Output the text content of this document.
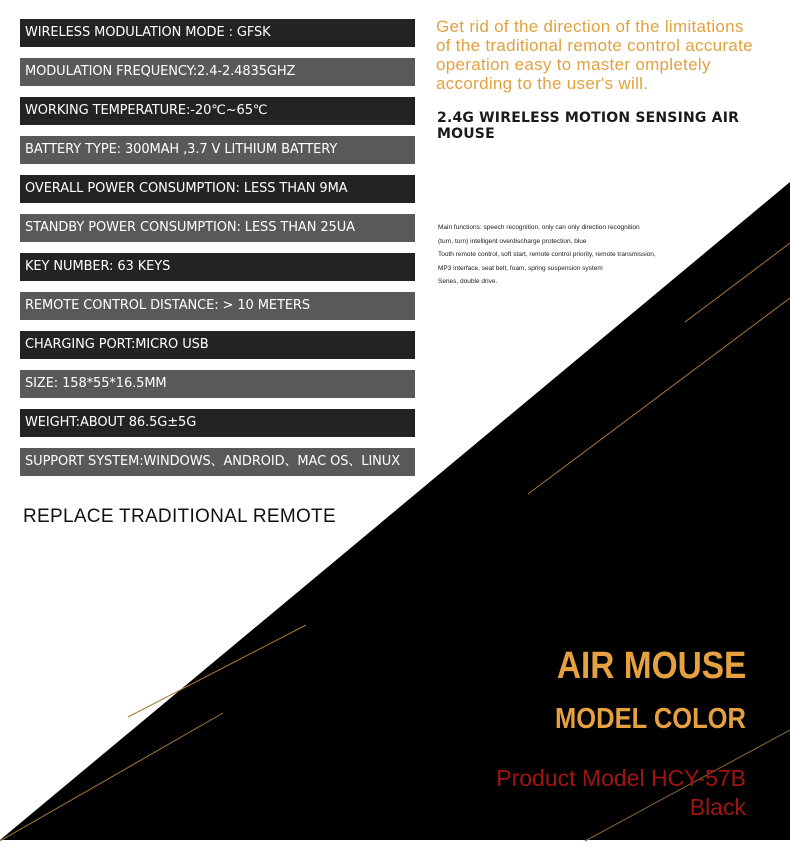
WIRELESS MODULATION MODE : GFSK
MODULATION FREQUENCY:2.4-2.4835GHZ
WORKING TEMPERATURE:-20℃~65℃
BATTERY TYPE: 300MAH ,3.7 V LITHIUM BATTERY
OVERALL POWER CONSUMPTION: LESS THAN 9MA
STANDBY POWER CONSUMPTION: LESS THAN 25UA
KEY NUMBER: 63 KEYS
REMOTE CONTROL DISTANCE: > 10 METERS
CHARGING PORT:MICRO USB
SIZE: 158*55*16.5MM
WEIGHT:ABOUT 86.5G±5G
SUPPORT SYSTEM:WINDOWS、ANDROID、MAC OS、LINUX
Get rid of the direction of the limitations
of the traditional remote control accurate
operation easy to master ompletely
according to the user's will.
2.4G WIRELESS MOTION SENSING AIR MOUSE
Main functions: speech recognition, only can only direction recognition
(turn, turn) intelligent overdischarge protection, blue
Tooth remote control, soft start, remote control priority, remote transmission,
MP3 interface, seat belt, foam, spring suspension system
Series, double drive.
REPLACE TRADITIONAL REMOTE
AIR MOUSE
MODEL COLOR
Product Model HCY-57B
Black
